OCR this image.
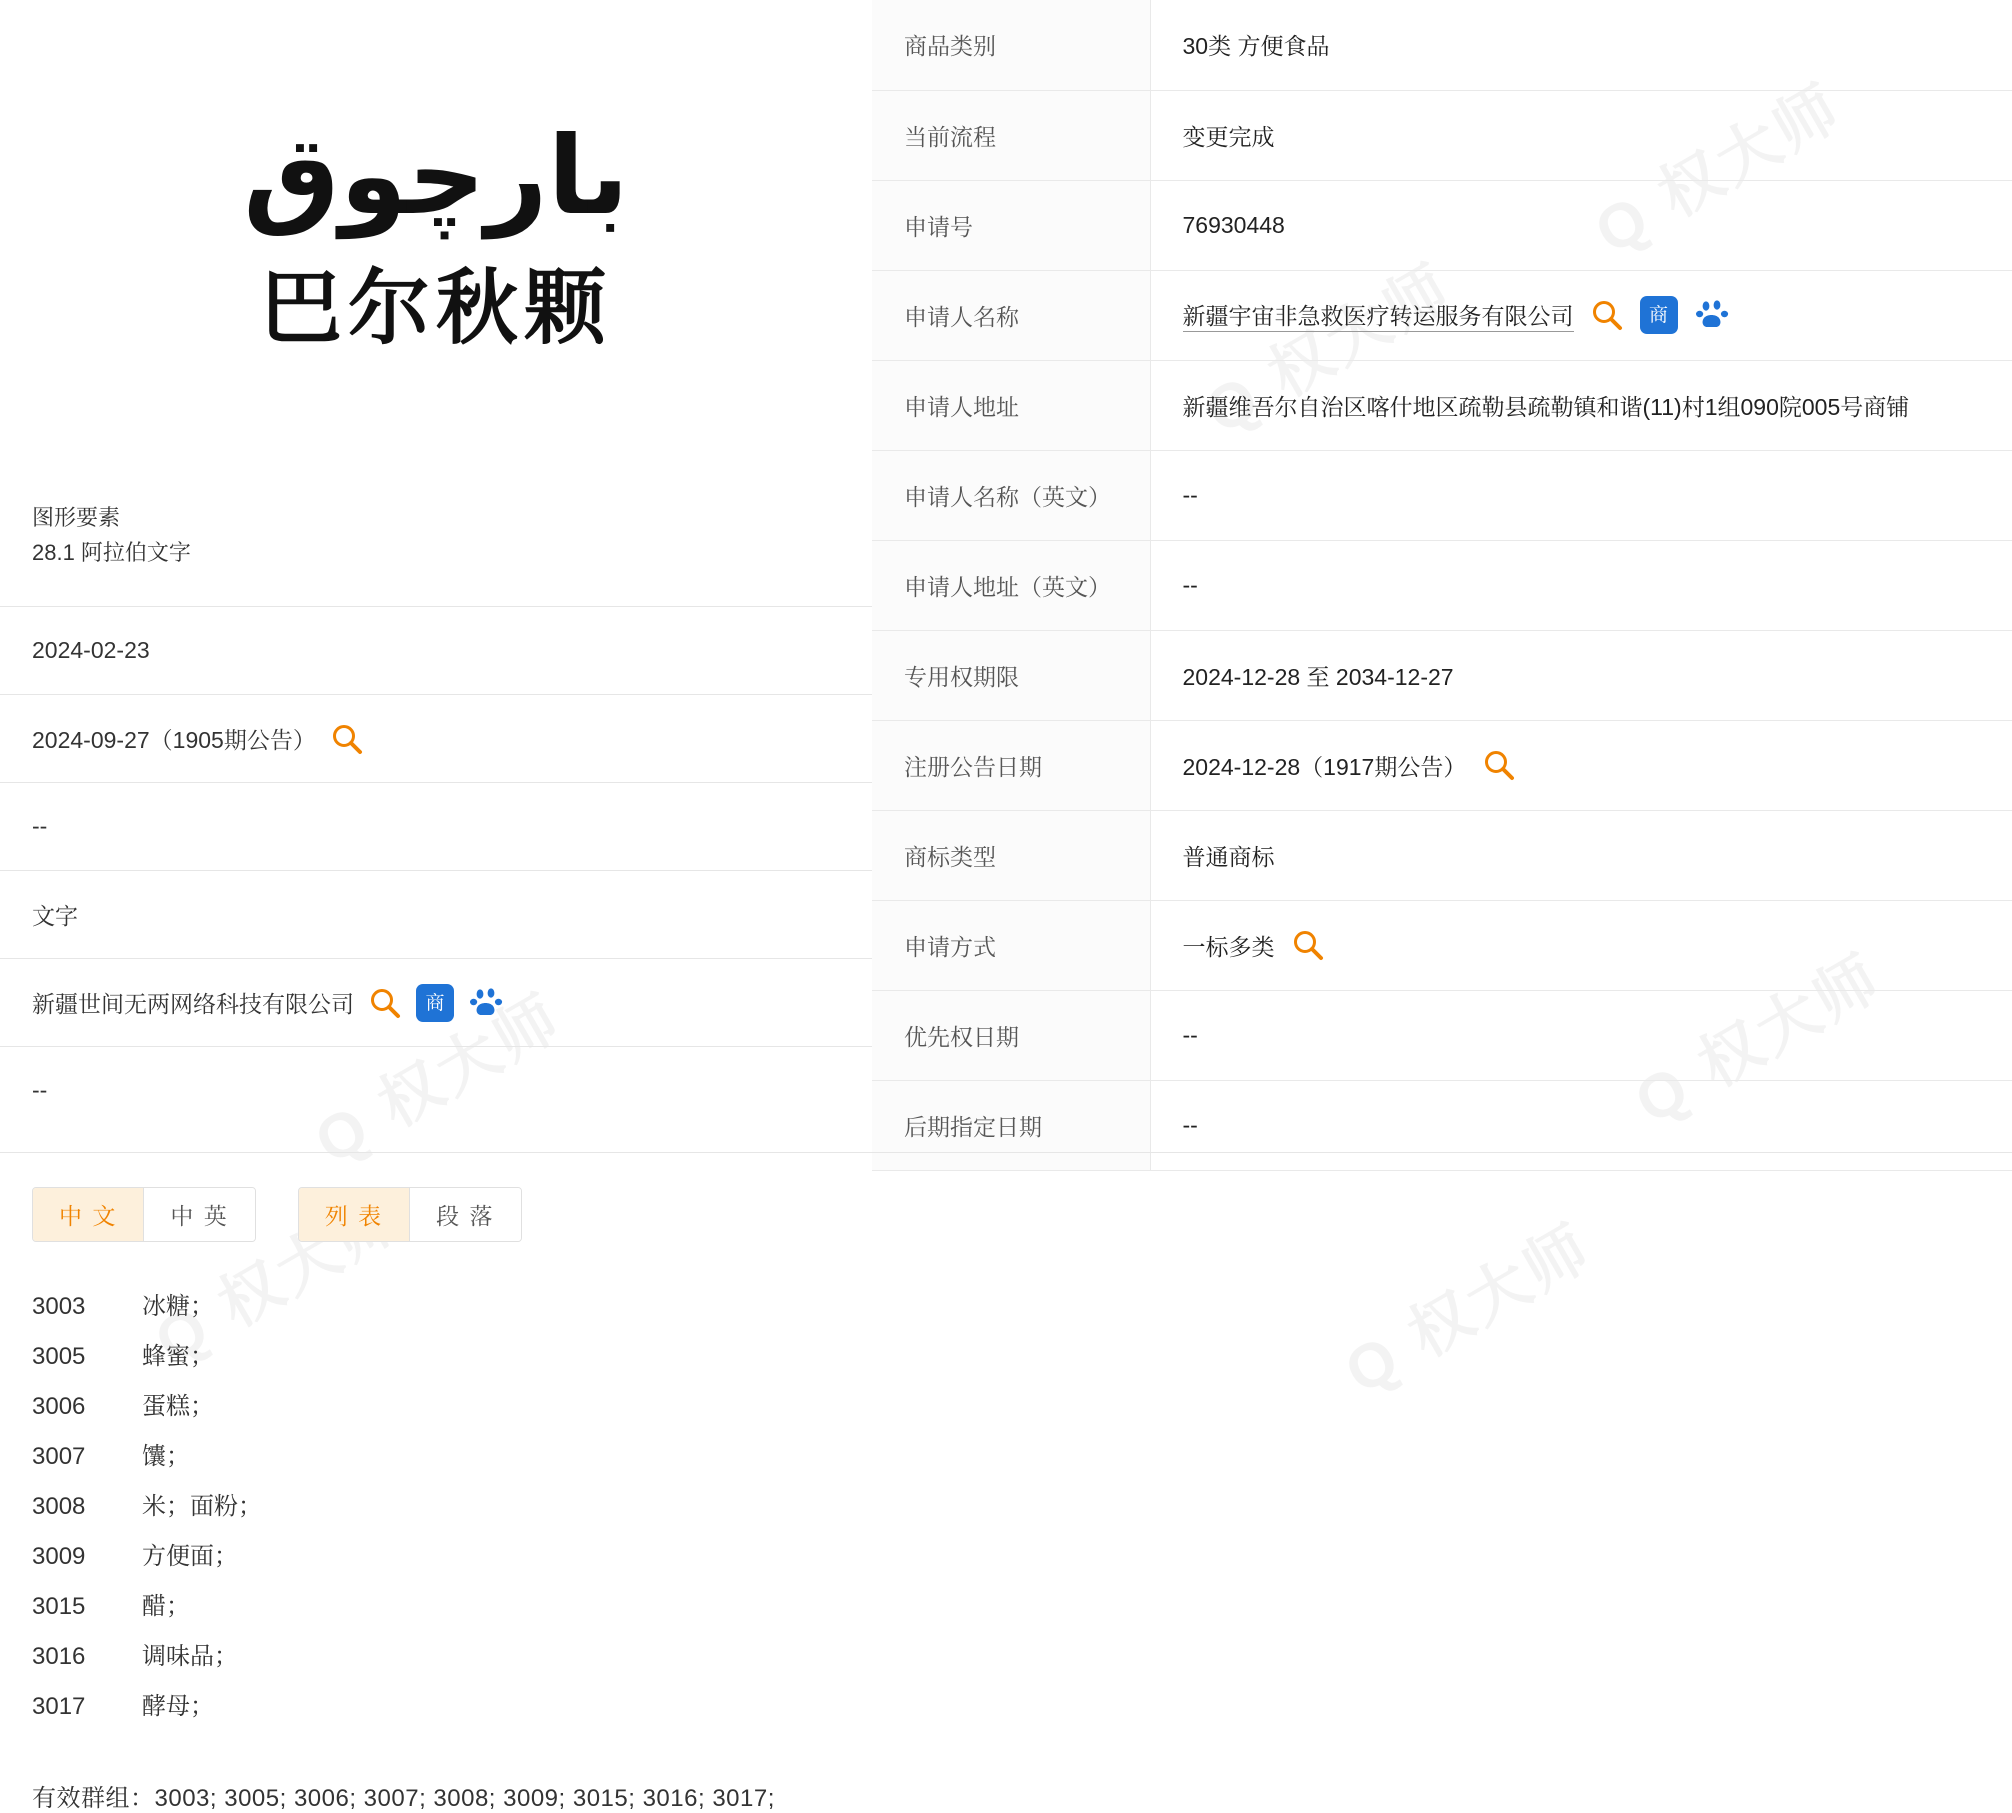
بارچوق
巴尔秋颗
图形要素
28.1 阿拉伯文字
2024-02-23
2024-09-27（1905期公告）
--
文字
新疆世间无两网络科技有限公司	商
--
商品类别	30类 方便食品
当前流程	变更完成
申请号	76930448
申请人名称	新疆宇宙非急救医疗转运服务有限公司 商

申请人地址	新疆维吾尔自治区喀什地区疏勒县疏勒镇和谐(11)村1组090院005号商铺
申请人名称（英文）	--
申请人地址（英文）	--
专用权期限	2024-12-28 至 2034-12-27
注册公告日期	2024-12-28（1917期公告）

商标类型	普通商标
申请方式	一标多类

优先权日期	--
后期指定日期	--
中 文	中 英	列 表	段 落
3003	冰糖；
3005	蜂蜜；
3006	蛋糕；
3007	馕；
3008	米；面粉；
3009	方便面；
3015	醋；
3016	调味品；
3017	酵母；
有效群组：3003; 3005; 3006; 3007; 3008; 3009; 3015; 3016; 3017;
